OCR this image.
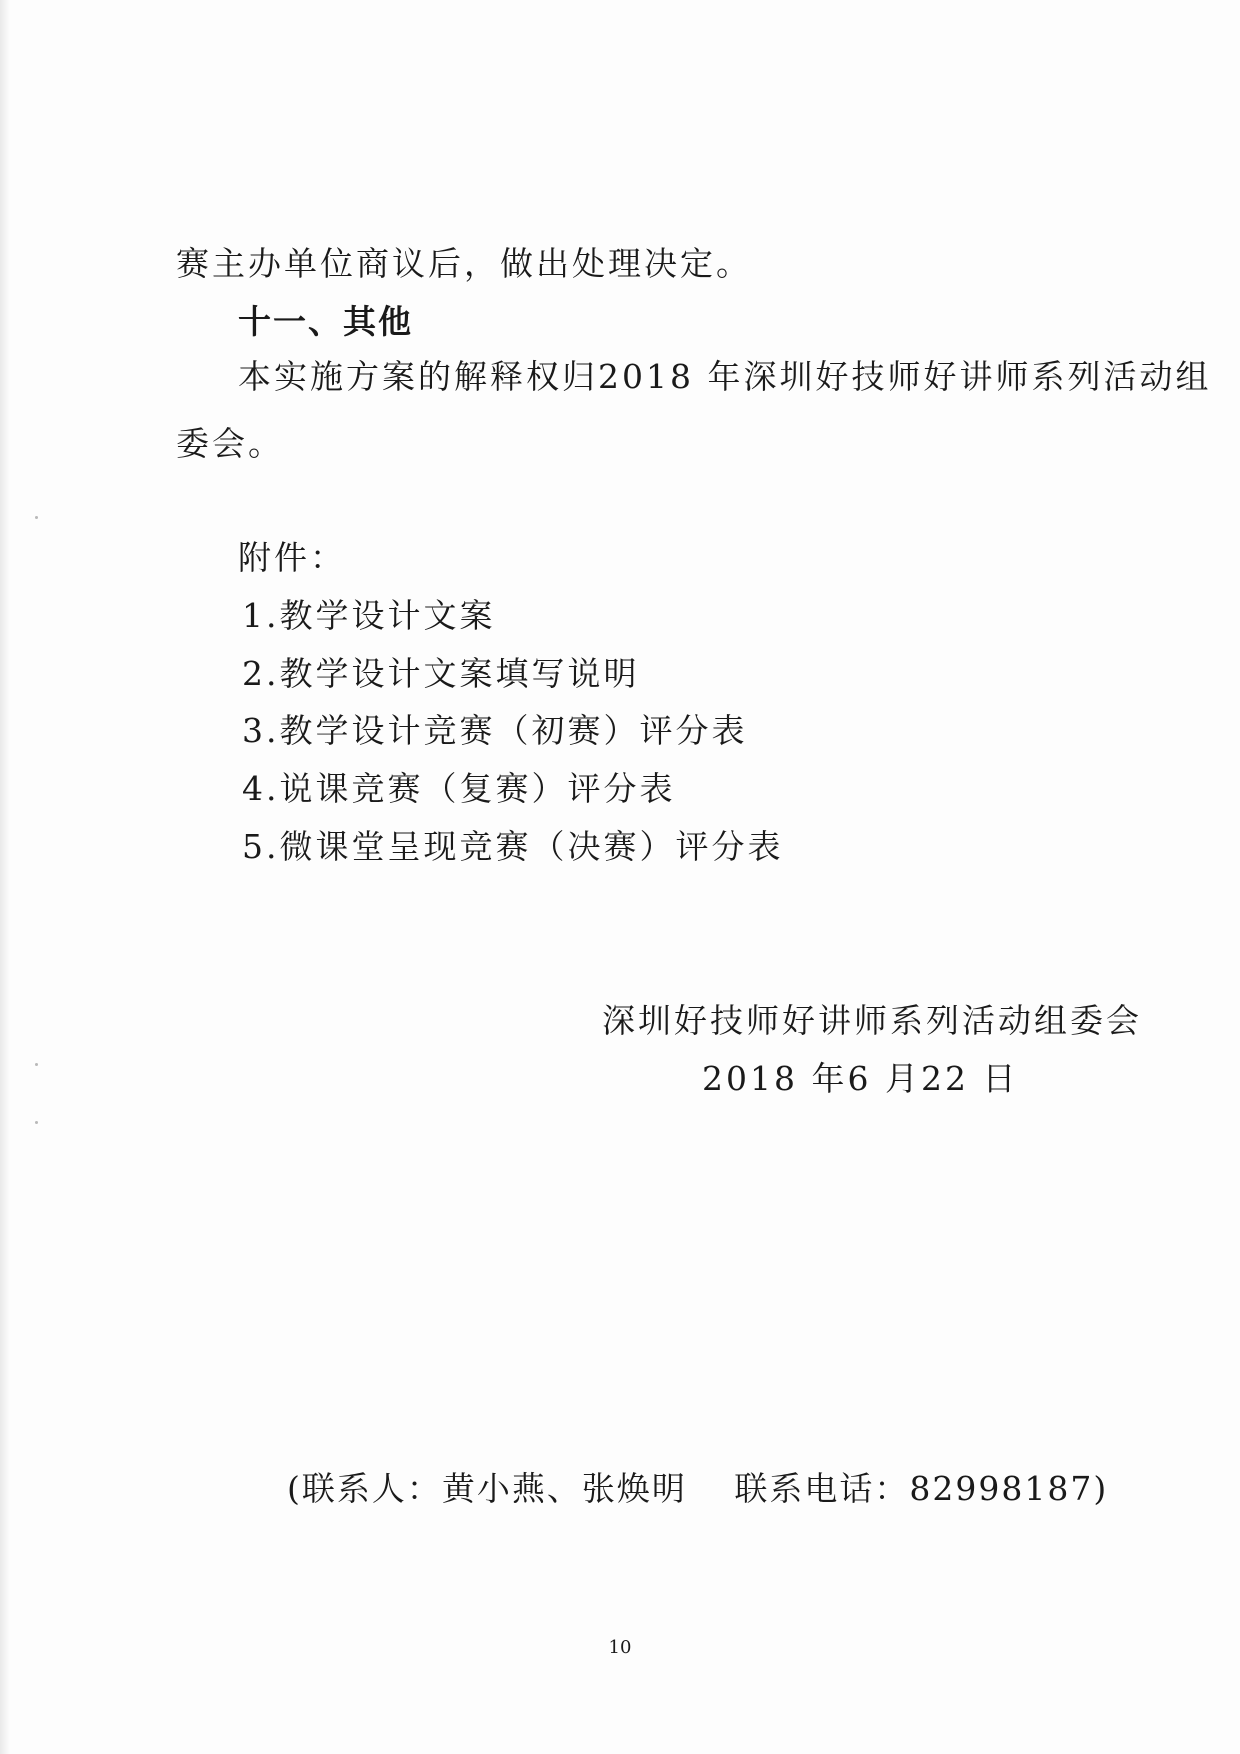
赛主办单位商议后，做出处理决定。
十一、其他
本实施方案的解释权归2018 年深圳好技师好讲师系列活动组
委会。
附件：
1.教学设计文案
2.教学设计文案填写说明
3.教学设计竞赛（初赛）评分表
4.说课竞赛（复赛）评分表
5.微课堂呈现竞赛（决赛）评分表
深圳好技师好讲师系列活动组委会
2018 年6 月22 日
(联系人：黄小燕、张焕明　 联系电话：82998187)
10
